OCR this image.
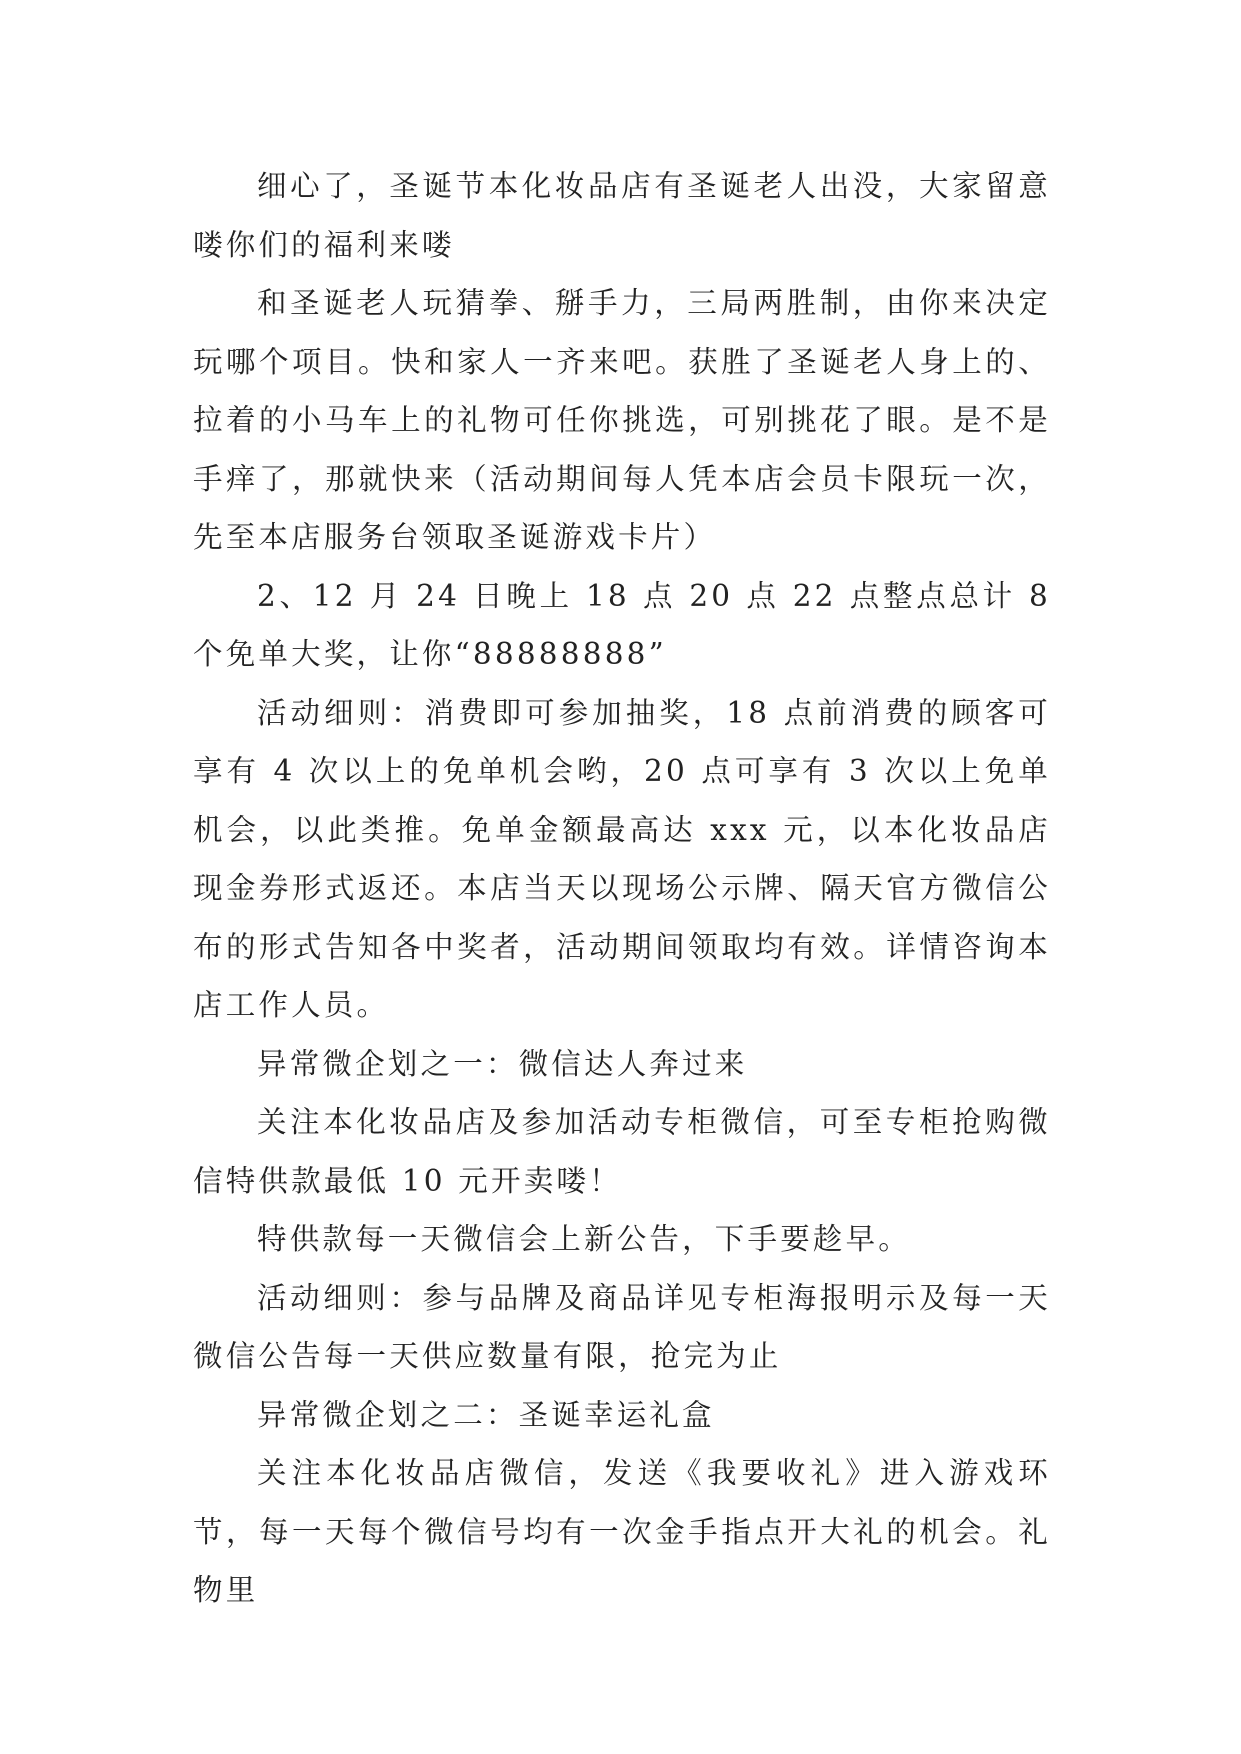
细心了，圣诞节本化妆品店有圣诞老人出没，大家留意喽你们的福利来喽

和圣诞老人玩猜拳、掰手力，三局两胜制，由你来决定玩哪个项目。快和家人一齐来吧。获胜了圣诞老人身上的、拉着的小马车上的礼物可任你挑选，可别挑花了眼。是不是手痒了，那就快来（活动期间每人凭本店会员卡限玩一次，先至本店服务台领取圣诞游戏卡片）

2、12 月 24 日晚上 18 点 20 点 22 点整点总计 8 个免单大奖，让你“88888888”

活动细则：消费即可参加抽奖，18 点前消费的顾客可享有 4 次以上的免单机会哟，20 点可享有 3 次以上免单机会，以此类推。免单金额最高达 xxx 元，以本化妆品店现金券形式返还。本店当天以现场公示牌、隔天官方微信公布的形式告知各中奖者，活动期间领取均有效。详情咨询本店工作人员。

异常微企划之一：微信达人奔过来

关注本化妆品店及参加活动专柜微信，可至专柜抢购微信特供款最低 10 元开卖喽！

特供款每一天微信会上新公告，下手要趁早。

活动细则：参与品牌及商品详见专柜海报明示及每一天微信公告每一天供应数量有限，抢完为止

异常微企划之二：圣诞幸运礼盒

关注本化妆品店微信，发送《我要收礼》进入游戏环节，每一天每个微信号均有一次金手指点开大礼的机会。礼物里
